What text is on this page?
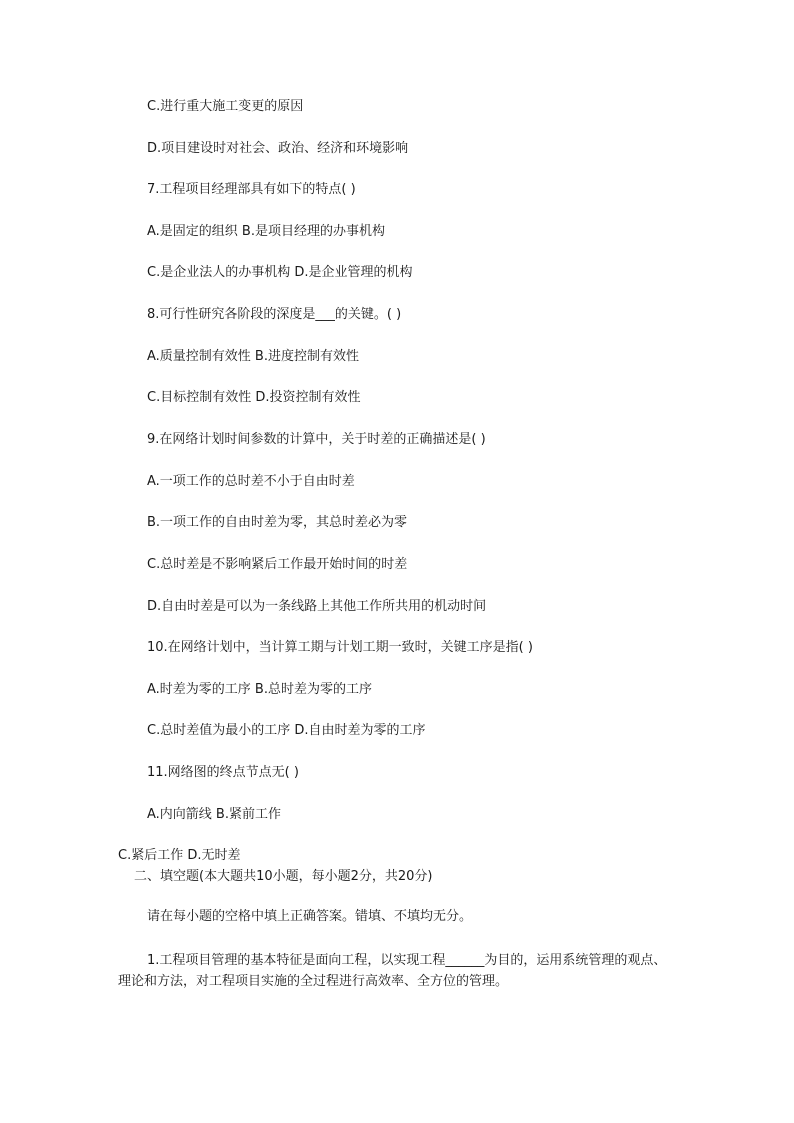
C.进行重大施工变更的原因
D.项目建设时对社会、政治、经济和环境影响
7.工程项目经理部具有如下的特点( )
A.是固定的组织 B.是项目经理的办事机构
C.是企业法人的办事机构 D.是企业管理的机构
8.可行性研究各阶段的深度是___的关键。( )
A.质量控制有效性 B.进度控制有效性
C.目标控制有效性 D.投资控制有效性
9.在网络计划时间参数的计算中，关于时差的正确描述是( )
A.一项工作的总时差不小于自由时差
B.一项工作的自由时差为零，其总时差必为零
C.总时差是不影响紧后工作最开始时间的时差
D.自由时差是可以为一条线路上其他工作所共用的机动时间
10.在网络计划中，当计算工期与计划工期一致时，关键工序是指( )
A.时差为零的工序 B.总时差为零的工序
C.总时差值为最小的工序 D.自由时差为零的工序
11.网络图的终点节点无( )
A.内向箭线 B.紧前工作
C.紧后工作 D.无时差
二、填空题(本大题共10小题，每小题2分，共20分)
请在每小题的空格中填上正确答案。错填、不填均无分。
1.工程项目管理的基本特征是面向工程，以实现工程______为目的，运用系统管理的观点、理论和方法，对工程项目实施的全过程进行高效率、全方位的管理。
